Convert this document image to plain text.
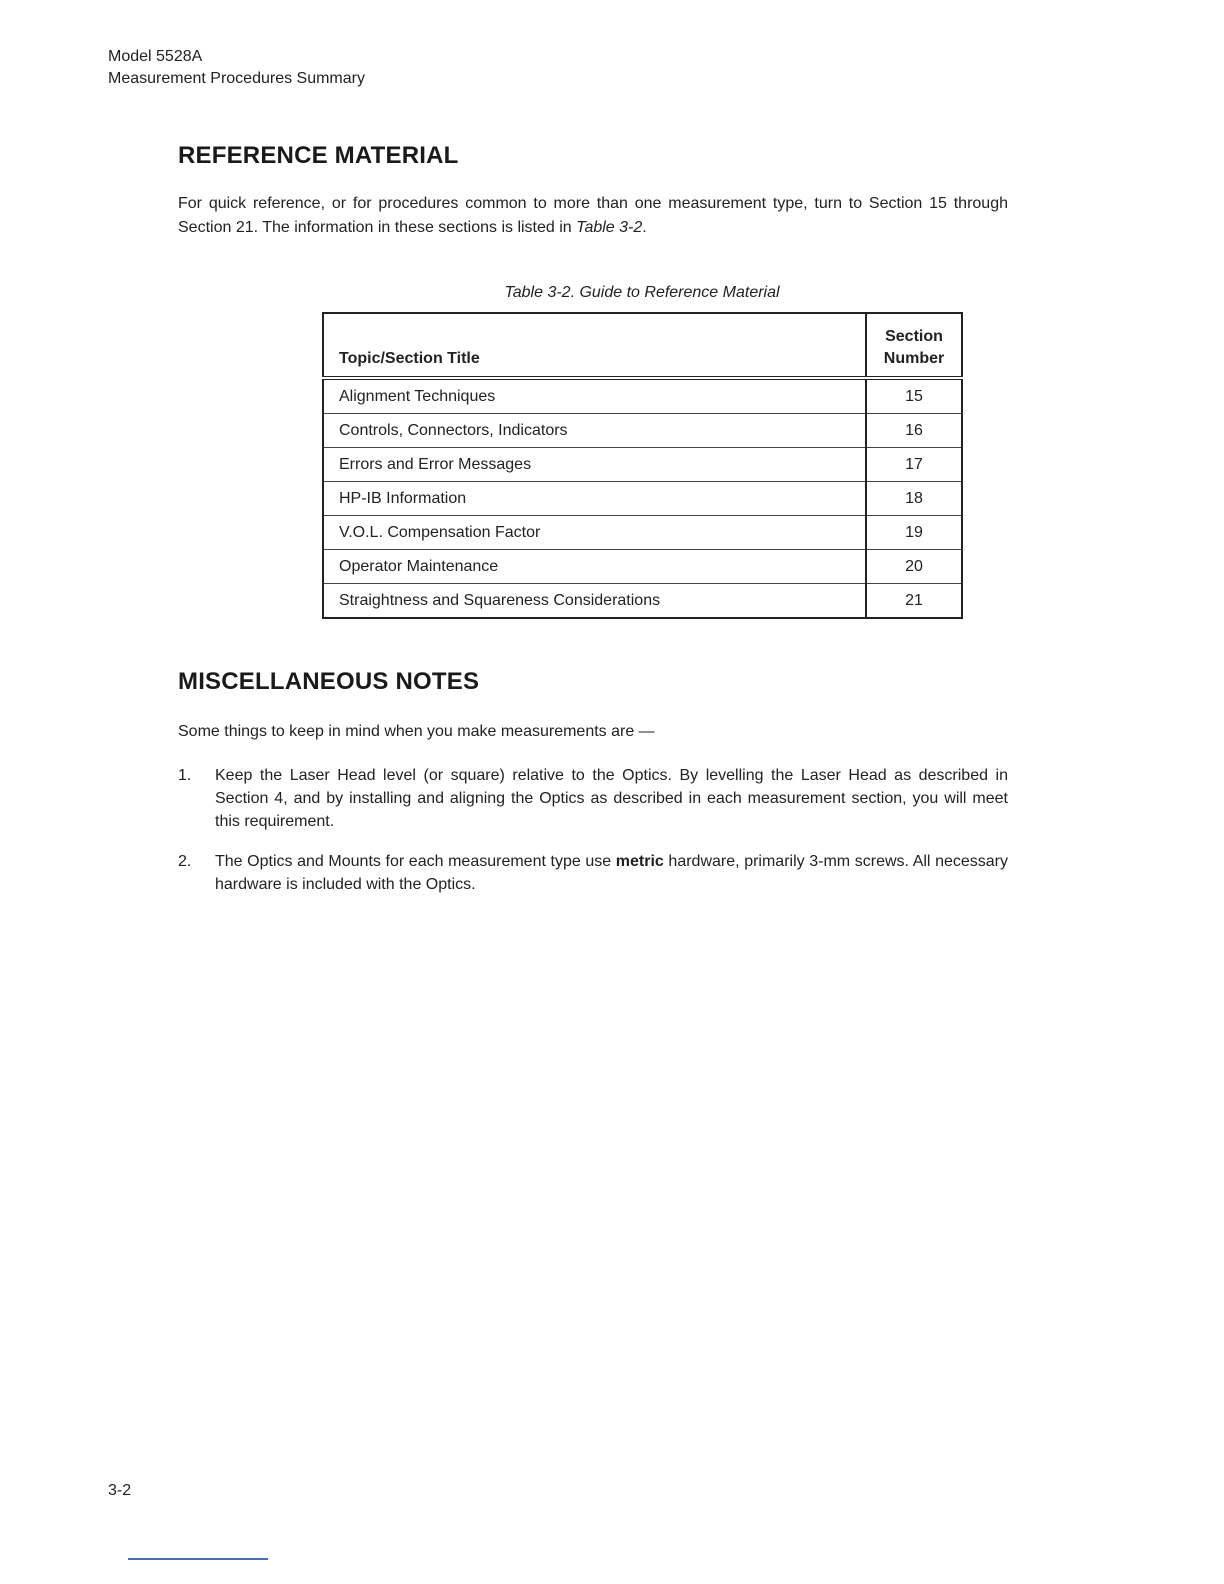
Model 5528A
Measurement Procedures Summary
REFERENCE MATERIAL

For quick reference, or for procedures common to more than one measurement type, turn to Section 15 through Section 21. The information in these sections is listed in Table 3-2.

Table 3-2. Guide to Reference Material
Topic/Section Title	Section
Number

Alignment Techniques	15
Controls, Connectors, Indicators	16
Errors and Error Messages	17
HP-IB Information	18
V.O.L. Compensation Factor	19
Operator Maintenance	20
Straightness and Squareness Considerations	21
MISCELLANEOUS NOTES

Some things to keep in mind when you make measurements are —

1. Keep the Laser Head level (or square) relative to the Optics. By levelling the Laser Head as described in Section 4, and by installing and aligning the Optics as described in each measurement section, you will meet this requirement.
2. The Optics and Mounts for each measurement type use metric hardware, primarily 3-mm screws. All necessary hardware is included with the Optics.
3-2
